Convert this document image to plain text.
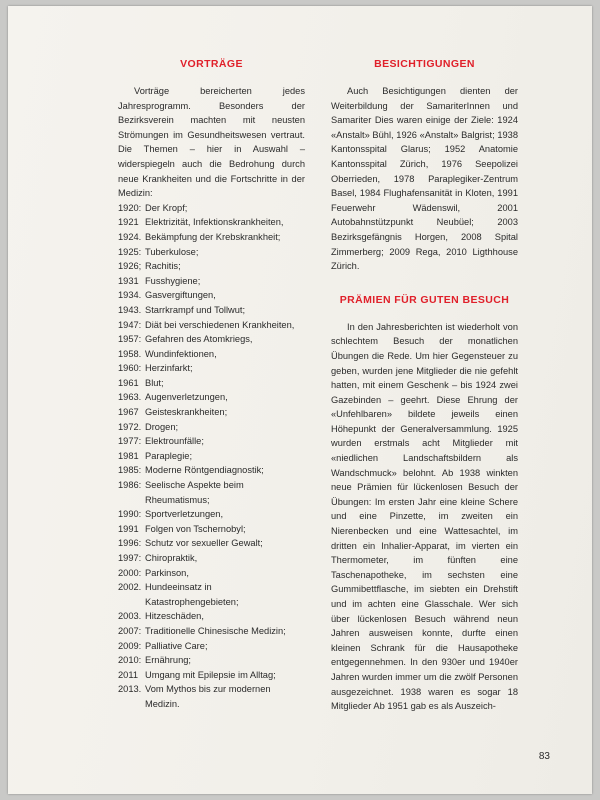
VORTRÄGE

Vorträge bereicherten jedes Jahresprogramm. Besonders der Bezirksverein machten mit neusten Strömungen im Gesundheitswesen vertraut. Die Themen – hier in Auswahl – widerspiegeln auch die Bedrohung durch neue Krankheiten und die Fortschritte in der Medizin:

1920: Der Kropf;
1921 Elektrizität, Infektionskrankheiten,
1924. Bekämpfung der Krebskrankheit;
1925: Tuberkulose;
1926; Rachitis;
1931 Fusshygiene;
1934. Gasvergiftungen,
1943. Starrkrampf und Tollwut;
1947: Diät bei verschiedenen Krankheiten,
1957: Gefahren des Atomkriegs,
1958. Wundinfektionen,
1960: Herzinfarkt;
1961 Blut;
1963. Augenverletzungen,
1967 Geisteskrankheiten;
1972. Drogen;
1977: Elektrounfälle;
1981 Paraplegie;
1985: Moderne Röntgendiagnostik;
1986: Seelische Aspekte beim Rheumatismus;
1990: Sportverletzungen,
1991 Folgen von Tschernobyl;
1996: Schutz vor sexueller Gewalt;
1997: Chiropraktik,
2000: Parkinson,
2002. Hundeeinsatz in Katastrophengebieten;
2003. Hitzeschäden,
2007: Traditionelle Chinesische Medizin;
2009: Palliative Care;
2010: Ernährung;
2011 Umgang mit Epilepsie im Alltag;
2013. Vom Mythos bis zur modernen Medizin.
BESICHTIGUNGEN

Auch Besichtigungen dienten der Weiterbildung der SamariterInnen und Samariter Dies waren einige der Ziele: 1924 «Anstalt» Bühl, 1926 «Anstalt» Balgrist; 1938 Kantonsspital Glarus; 1952 Anatomie Kantonsspital Zürich, 1976 Seepolizei Oberrieden, 1978 Paraplegiker-Zentrum Basel, 1984 Flughafensanität in Kloten, 1991 Feuerwehr Wädenswil, 2001 Autobahnstützpunkt Neubüel; 2003 Bezirksgefängnis Horgen, 2008 Spital Zimmerberg; 2009 Rega, 2010 Ligthhouse Zürich.

PRÄMIEN FÜR GUTEN BESUCH

In den Jahresberichten ist wiederholt von schlechtem Besuch der monatlichen Übungen die Rede. Um hier Gegensteuer zu geben, wurden jene Mitglieder die nie gefehlt hatten, mit einem Geschenk – bis 1924 zwei Gazebinden – geehrt. Diese Ehrung der «Unfehlbaren» bildete jeweils einen Höhepunkt der Generalversammlung. 1925 wurden erstmals acht Mitglieder mit «niedlichen Landschaftsbildern als Wandschmuck» belohnt. Ab 1938 winkten neue Prämien für lückenlosen Besuch der Übungen: Im ersten Jahr eine kleine Schere und eine Pinzette, im zweiten ein Nierenbecken und eine Wattesachtel, im dritten ein Inhalier-Apparat, im vierten ein Thermometer, im fünften eine Taschenapotheke, im sechsten eine Gummibettflasche, im siebten ein Drehstift und im achten eine Glasschale. Wer sich über lückenlosen Besuch während neun Jahren ausweisen konnte, durfte einen kleinen Schrank für die Hausapotheke entgegennehmen. In den 930er und 1940er Jahren wurden immer um die zwölf Personen ausgezeichnet. 1938 waren es sogar 18 Mitglieder Ab 1951 gab es als Auszeich-

83
